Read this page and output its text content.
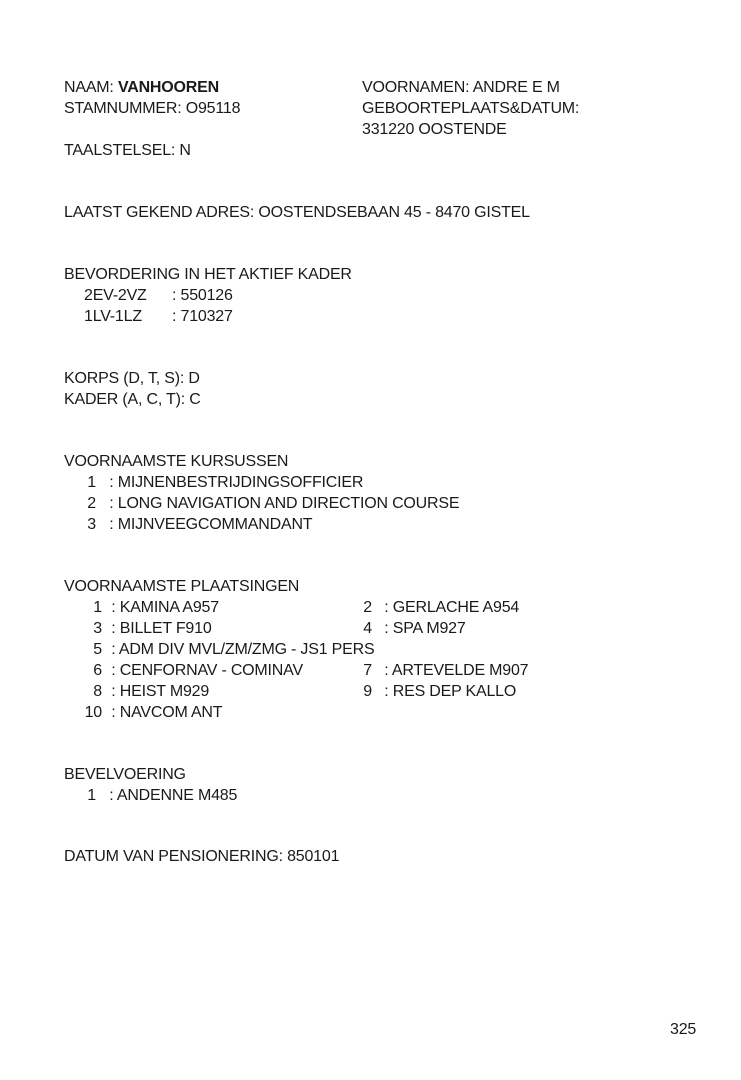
NAAM: VANHOOREN
STAMNUMMER: O95118
VOORNAMEN: ANDRE E M
GEBOORTEPLAATS&DATUM:
331220 OOSTENDE
TAALSTELSEL: N
LAATST GEKEND ADRES: OOSTENDSEBAAN 45 - 8470 GISTEL
BEVORDERING IN HET AKTIEF KADER
2EV-2VZ : 550126
1LV-1LZ : 710327
KORPS (D, T, S): D
KADER (A, C, T): C
VOORNAAMSTE KURSUSSEN
1 : MIJNENBESTRIJDINGSOFFICIER
2 : LONG NAVIGATION AND DIRECTION COURSE
3 : MIJNVEEGCOMMANDANT
VOORNAAMSTE PLAATSINGEN
1 : KAMINA A957	2 : GERLACHE A954
3 : BILLET F910	4 : SPA M927
5 : ADM DIV MVL/ZM/ZMG - JS1 PERS
6 : CENFORNAV - COMINAV	7 : ARTEVELDE M907
8 : HEIST M929	9 : RES DEP KALLO
10 : NAVCOM ANT
BEVELVOERING
1 : ANDENNE M485
DATUM VAN PENSIONERING: 850101
325
